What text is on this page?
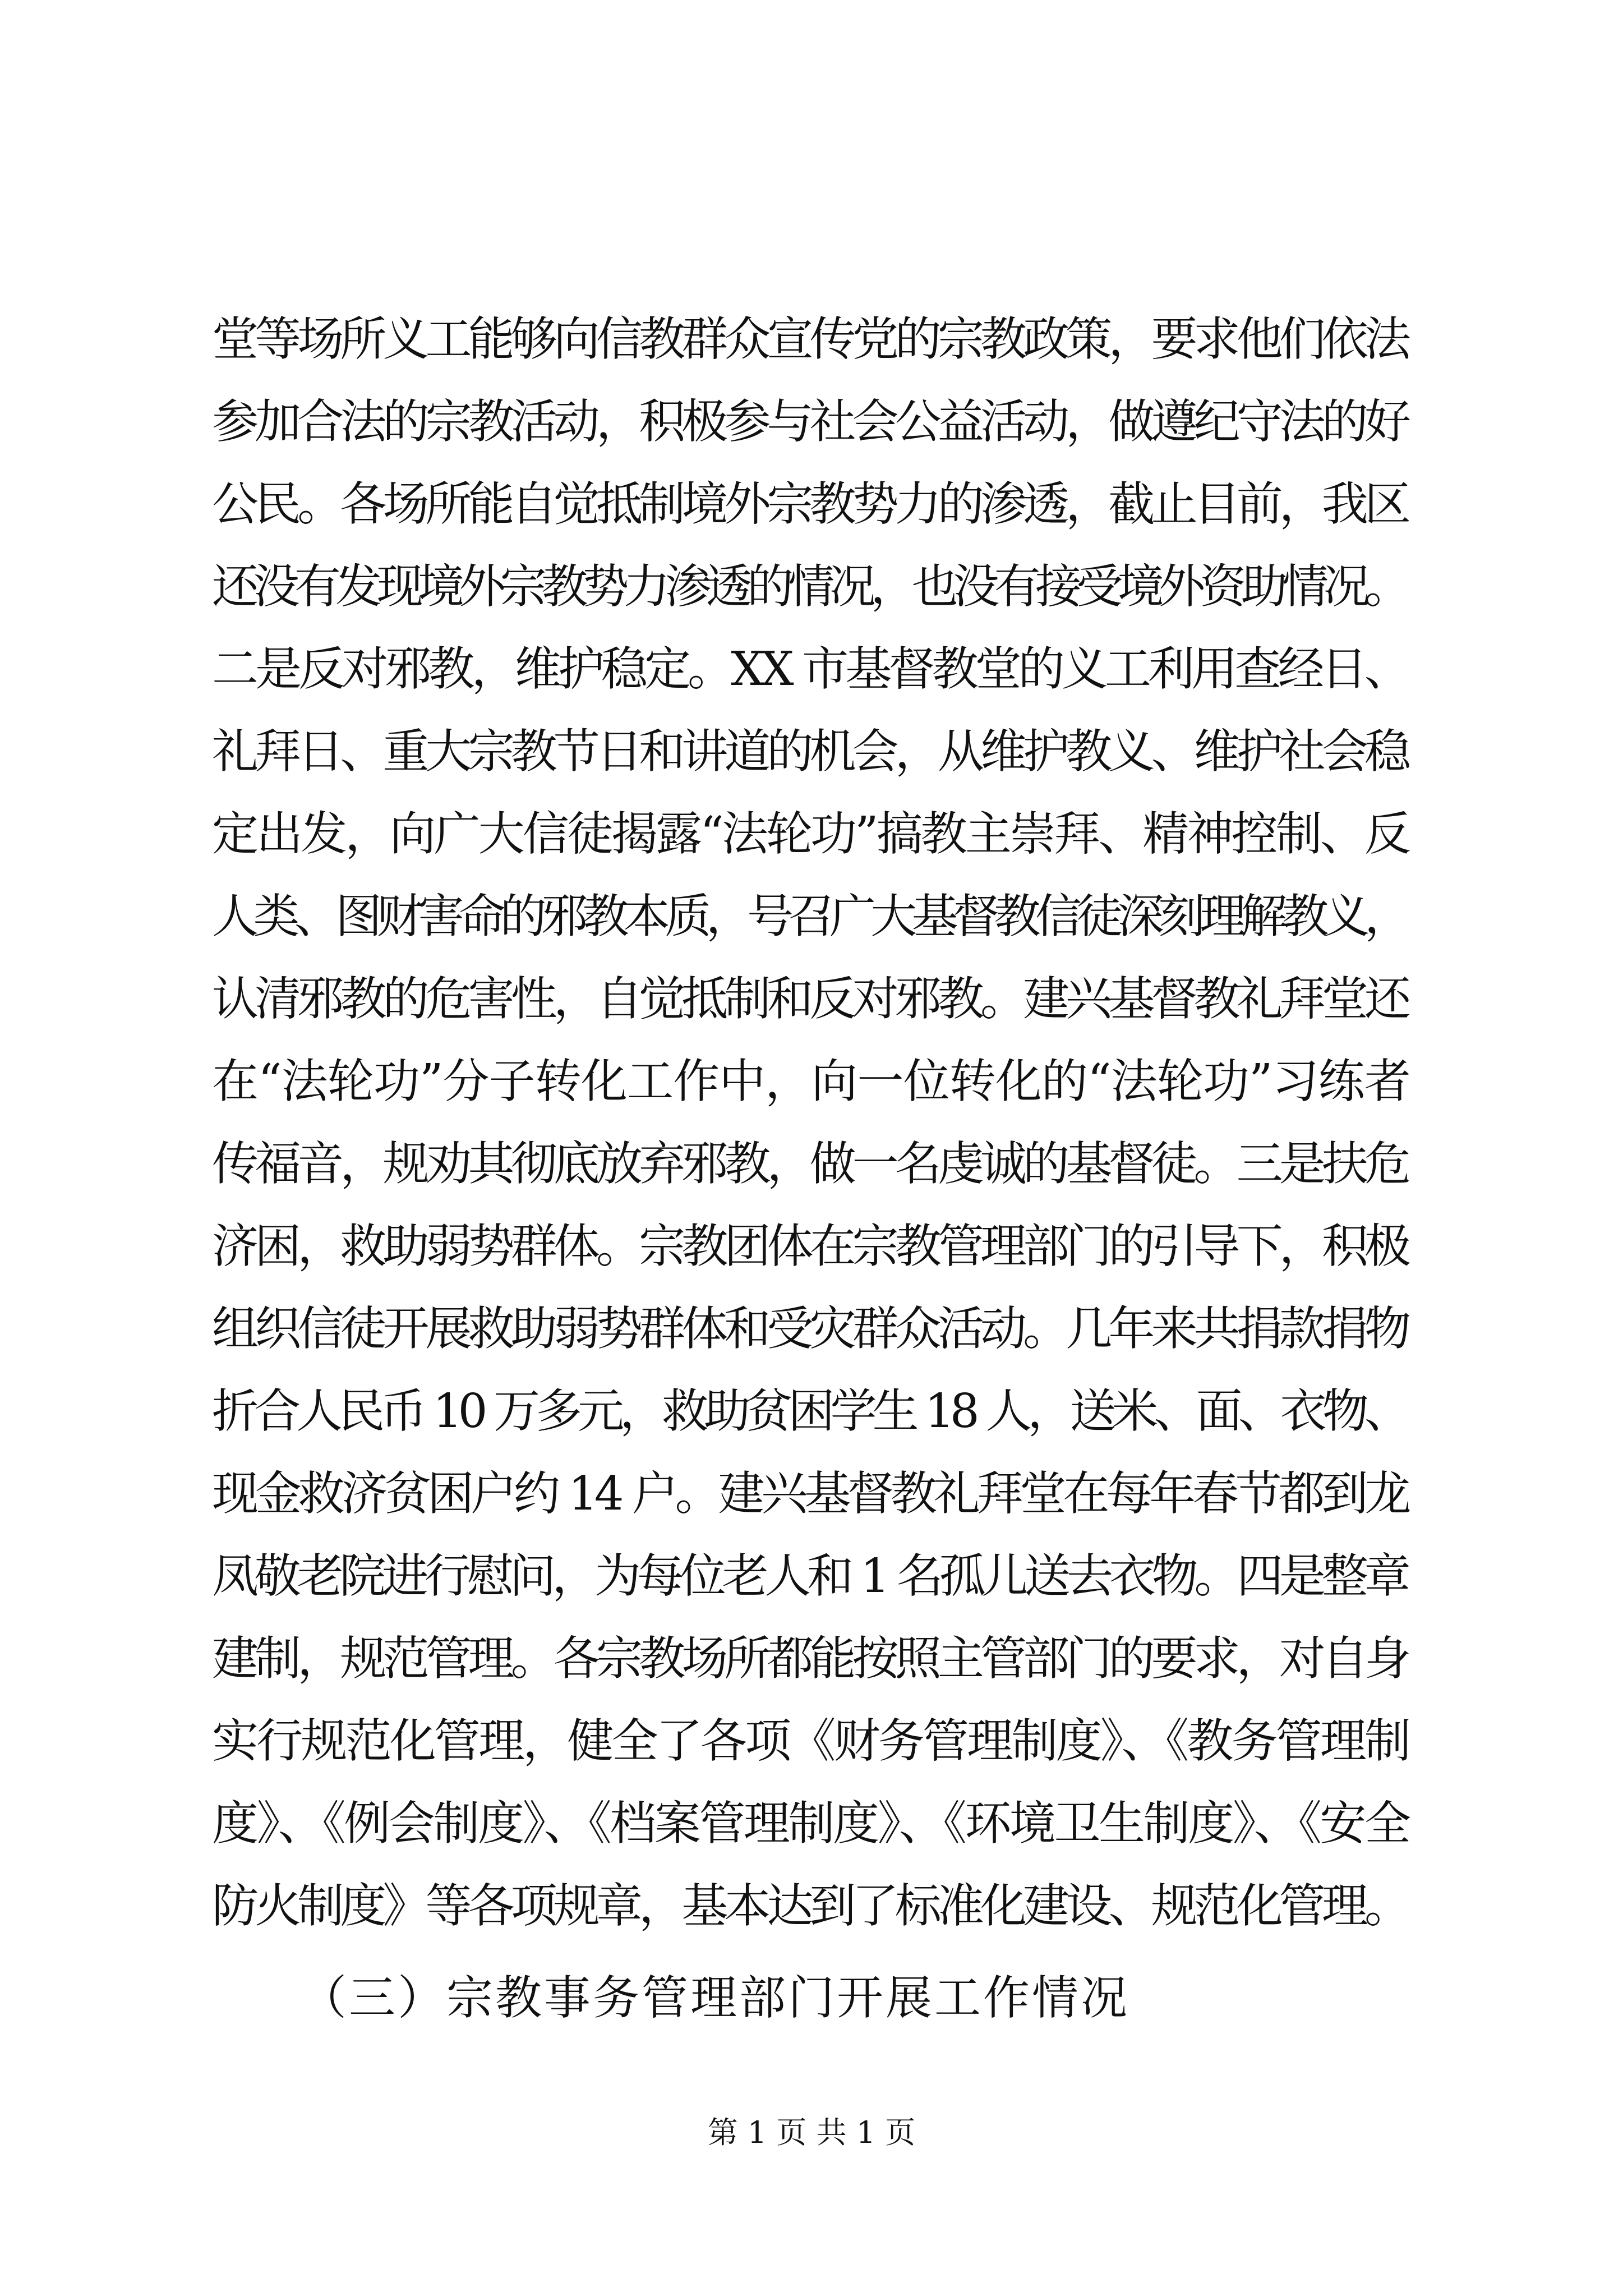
堂等场所义工能够向信教群众宣传党的宗教政策，要求他们依法
参加合法的宗教活动，积极参与社会公益活动，做遵纪守法的好
公民。各场所能自觉抵制境外宗教势力的渗透，截止目前，我区
还没有发现境外宗教势力渗透的情况，也没有接受境外资助情况。
二是反对邪教，维护稳定。XX 市基督教堂的义工利用查经日、
礼拜日、重大宗教节日和讲道的机会，从维护教义、维护社会稳
定出发，向广大信徒揭露“法轮功”搞教主崇拜、精神控制、反
人类、图财害命的邪教本质，号召广大基督教信徒深刻理解教义，
认清邪教的危害性，自觉抵制和反对邪教。建兴基督教礼拜堂还
在“法轮功”分子转化工作中，向一位转化的“法轮功”习练者
传福音，规劝其彻底放弃邪教，做一名虔诚的基督徒。三是扶危
济困，救助弱势群体。宗教团体在宗教管理部门的引导下，积极
组织信徒开展救助弱势群体和受灾群众活动。几年来共捐款捐物
折合人民币 10 万多元，救助贫困学生 18 人，送米、面、衣物、
现金救济贫困户约 14 户。建兴基督教礼拜堂在每年春节都到龙
凤敬老院进行慰问，为每位老人和 1 名孤儿送去衣物。四是整章
建制，规范管理。各宗教场所都能按照主管部门的要求，对自身
实行规范化管理，健全了各项《财务管理制度》、《教务管理制
度》、《例会制度》、《档案管理制度》、《环境卫生制度》、《安全
防火制度》等各项规章，基本达到了标准化建设、规范化管理。
（三）宗教事务管理部门开展工作情况
第 1 页 共 1 页
